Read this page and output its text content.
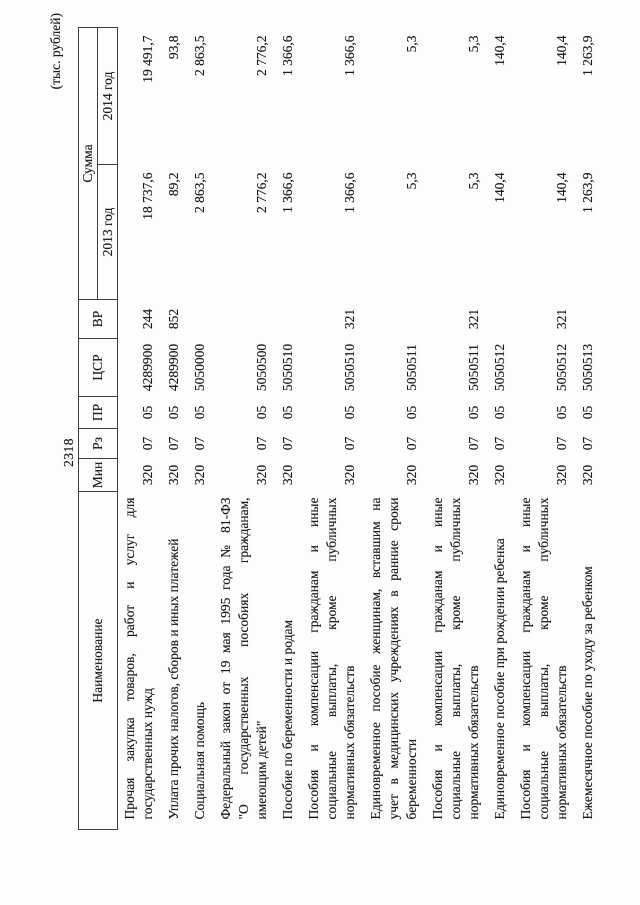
(тыс. рублей)
2318
Наименование	Мин	Рз	ПР	ЦСР	ВР	Сумма	
						2013 год	2014 год

Прочая закупка товаров, работ и услуг для государственных нужд	320	07	05	4289900	244	18 737,6	19 491,7

Уплата прочих налогов, сборов и иных платежей	320	07	05	4289900	852	89,2	93,8

Социальная помощь	320	07	05	5050000		2 863,5	2 863,5

Федеральный закон от 19 мая 1995 года № 81-ФЗ "О государственных пособиях гражданам, имеющим детей"	320	07	05	5050500		2 776,2	2 776,2

Пособие по беременности и родам	320	07	05	5050510		1 366,6	1 366,6

Пособия и компенсации гражданам и иные социальные выплаты, кроме публичных нормативных обязательств	320	07	05	5050510	321	1 366,6	1 366,6

Единовременное пособие женщинам, вставшим на учет в медицинских учреждениях в ранние сроки беременности	320	07	05	5050511		5,3	5,3

Пособия и компенсации гражданам и иные социальные выплаты, кроме публичных нормативных обязательств	320	07	05	5050511	321	5,3	5,3

Единовременное пособие при рождении ребенка	320	07	05	5050512		140,4	140,4

Пособия и компенсации гражданам и иные социальные выплаты, кроме публичных нормативных обязательств	320	07	05	5050512	321	140,4	140,4

Ежемесячное пособие по уходу за ребенком	320	07	05	5050513		1 263,9	1 263,9
